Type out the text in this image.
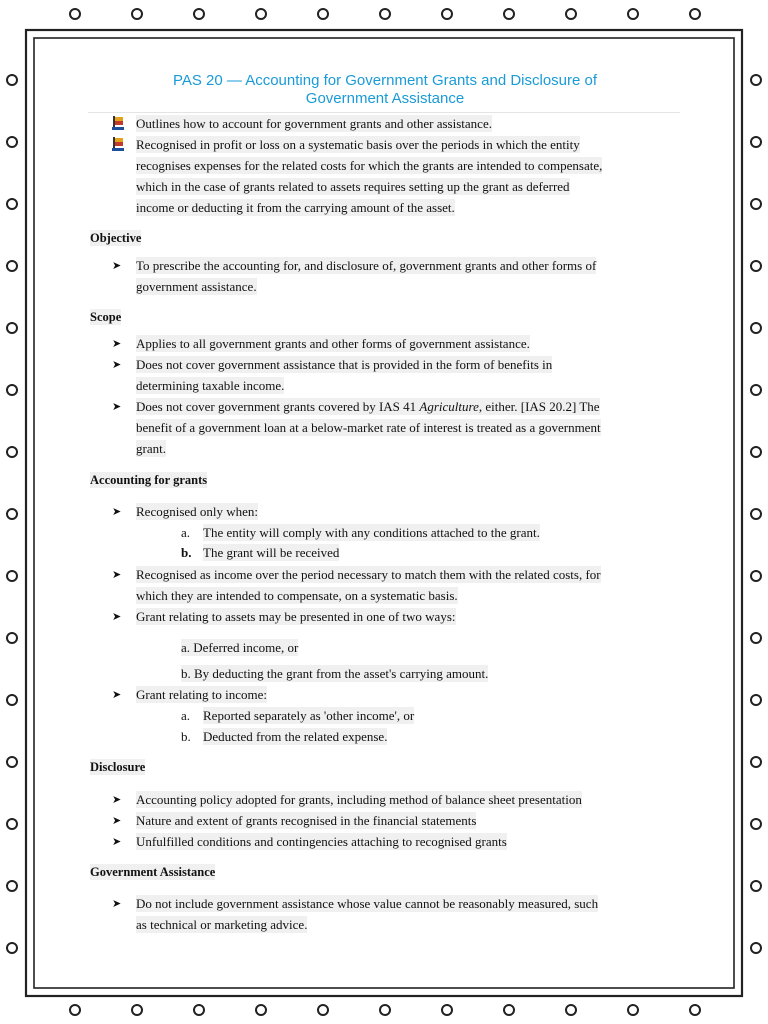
PAS 20 — Accounting for Government Grants and Disclosure of
Government Assistance
Outlines how to account for government grants and other assistance.
Recognised in profit or loss on a systematic basis over the periods in which the entity
recognises expenses for the related costs for which the grants are intended to compensate,
which in the case of grants related to assets requires setting up the grant as deferred
income or deducting it from the carrying amount of the asset.
Objective
➤	To prescribe the accounting for, and disclosure of, government grants and other forms of
government assistance.
Scope
➤	Applies to all government grants and other forms of government assistance.
➤	Does not cover government assistance that is provided in the form of benefits in
determining taxable income.
➤	Does not cover government grants covered by IAS 41 Agriculture, either. [IAS 20.2] The
benefit of a government loan at a below-market rate of interest is treated as a government
grant.
Accounting for grants
➤	Recognised only when:
a. The entity will comply with any conditions attached to the grant.
b. The grant will be received
➤	Recognised as income over the period necessary to match them with the related costs, for
which they are intended to compensate, on a systematic basis.
➤	Grant relating to assets may be presented in one of two ways:
a. Deferred income, or
b. By deducting the grant from the asset's carrying amount.
➤	Grant relating to income:
a. Reported separately as 'other income', or
b. Deducted from the related expense.
Disclosure
➤	Accounting policy adopted for grants, including method of balance sheet presentation
➤	Nature and extent of grants recognised in the financial statements
➤	Unfulfilled conditions and contingencies attaching to recognised grants
Government Assistance
➤	Do not include government assistance whose value cannot be reasonably measured, such
as technical or marketing advice.
